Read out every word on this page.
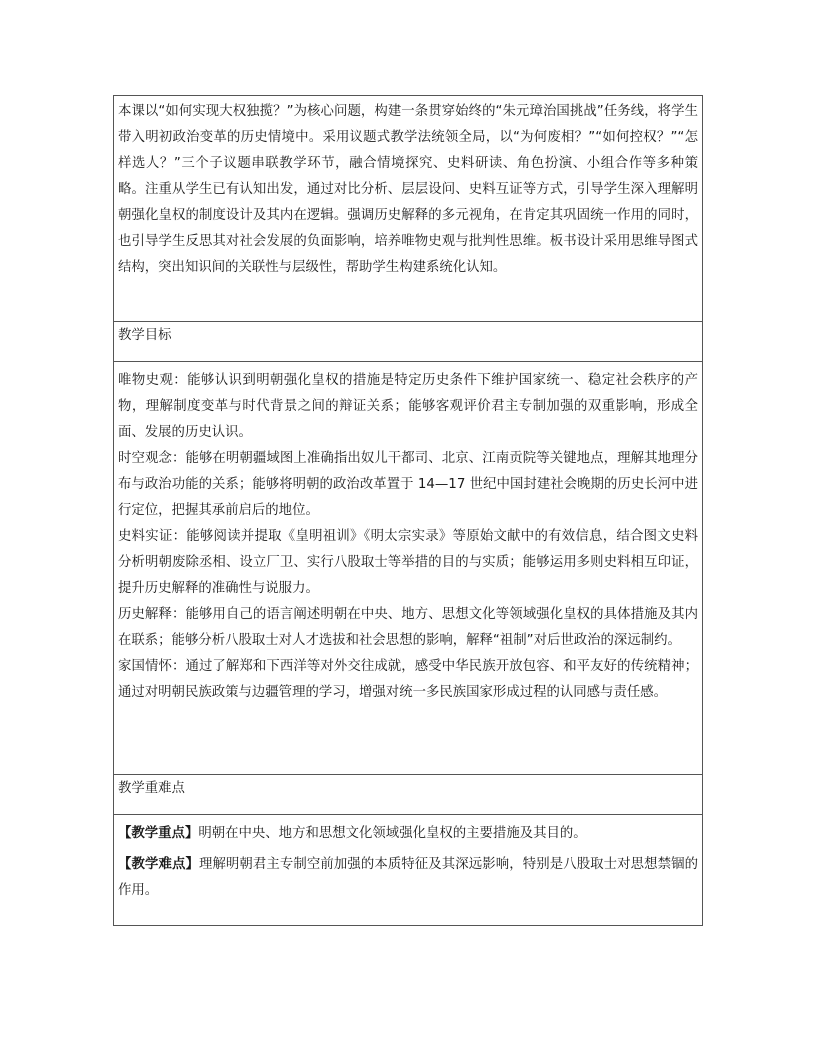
本课以“如何实现大权独揽？”为核心问题，构建一条贯穿始终的“朱元璋治国挑战”任务线，将学生带入明初政治变革的历史情境中。采用议题式教学法统领全局，以“为何废相？”“如何控权？”“怎样选人？”三个子议题串联教学环节，融合情境探究、史料研读、角色扮演、小组合作等多种策略。注重从学生已有认知出发，通过对比分析、层层设问、史料互证等方式，引导学生深入理解明朝强化皇权的制度设计及其内在逻辑。强调历史解释的多元视角，在肯定其巩固统一作用的同时，也引导学生反思其对社会发展的负面影响，培养唯物史观与批判性思维。板书设计采用思维导图式结构，突出知识间的关联性与层级性，帮助学生构建系统化认知。

教学目标

唯物史观：能够认识到明朝强化皇权的措施是特定历史条件下维护国家统一、稳定社会秩序的产物，理解制度变革与时代背景之间的辩证关系；能够客观评价君主专制加强的双重影响，形成全面、发展的历史认识。

时空观念：能够在明朝疆域图上准确指出奴儿干都司、北京、江南贡院等关键地点，理解其地理分布与政治功能的关系；能够将明朝的政治改革置于 14—17 世纪中国封建社会晚期的历史长河中进行定位，把握其承前启后的地位。

史料实证：能够阅读并提取《皇明祖训》《明太宗实录》等原始文献中的有效信息，结合图文史料分析明朝废除丞相、设立厂卫、实行八股取士等举措的目的与实质；能够运用多则史料相互印证，提升历史解释的准确性与说服力。

历史解释：能够用自己的语言阐述明朝在中央、地方、思想文化等领域强化皇权的具体措施及其内在联系；能够分析八股取士对人才选拔和社会思想的影响，解释“祖制”对后世政治的深远制约。

家国情怀：通过了解郑和下西洋等对外交往成就，感受中华民族开放包容、和平友好的传统精神；通过对明朝民族政策与边疆管理的学习，增强对统一多民族国家形成过程的认同感与责任感。

教学重难点

【教学重点】明朝在中央、地方和思想文化领域强化皇权的主要措施及其目的。

【教学难点】理解明朝君主专制空前加强的本质特征及其深远影响，特别是八股取士对思想禁锢的作用。
